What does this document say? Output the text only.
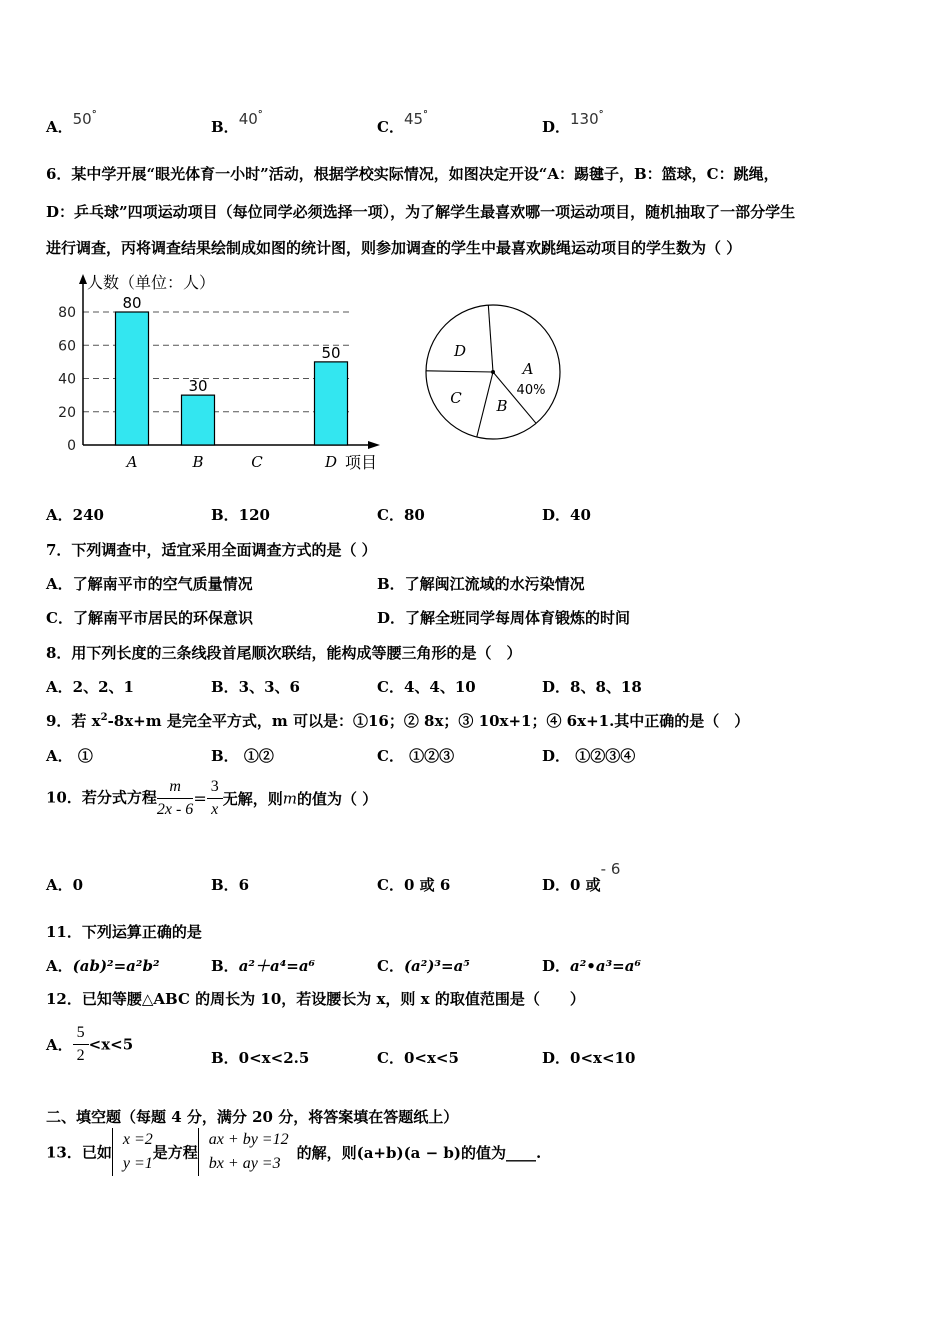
A．50°
B．40°
C．45°
D．130°
6．某中学开展“眼光体育一小时”活动，根据学校实际情况，如图决定开设“A：踢毽子，B：篮球，C：跳绳，
D：乒乓球”四项运动项目（每位同学必须选择一项），为了解学生最喜欢哪一项运动项目，随机抽取了一部分学生
进行调查，丙将调查结果绘制成如图的统计图，则参加调查的学生中最喜欢跳绳运动项目的学生数为（ ）
0
20
40
60
80
人数（单位：人）
项目
80
A
30
B	C
50
D
A
B
C
D
40%
A．240	B．120	C．80	D．40
7．下列调查中，适宜采用全面调查方式的是（ ）
A．了解南平市的空气质量情况	B．了解闽江流域的水污染情况
C．了解南平市居民的环保意识	D．了解全班同学每周体育锻炼的时间
8．用下列长度的三条线段首尾顺次联结，能构成等腰三角形的是（　）
A．2、2、1	B．3、3、6	C．4、4、10	D．8、8、18
9．若 $x^2-8x+m$ 是完全平方式，m 可以是：①16；② 8x；③ 10x+1；④ 6x+1.其中正确的是（　）
A． ①	B． ①②	C． ①②③	D． ①②③④
10．若分式方程 $\frac{m}{2x - 6} = \frac{3}{x}$ 无解，则m的值为（ ）
A．0	B．6	C．0 或 6	D．0 或- 6
11．下列运算正确的是
A．(ab)²=a²b²	B．a²＋a⁴=a⁶	C．(a²)³=a⁵	D．a²•a³=a⁶
12．已知等腰△ABC 的周长为 10，若设腰长为 x，则 x 的取值范围是（　　）
A． $\frac{5}{2} <x<5$
B．0<x<2.5	C．0<x<5	D．0<x<10
二、填空题（每题 4 分，满分 20 分，将答案填在答题纸上）
13．已如
x =2
y =1
是方程
ax + by =12
bx + ay =3
的解，则(a+b)(a − b)的值为____.
